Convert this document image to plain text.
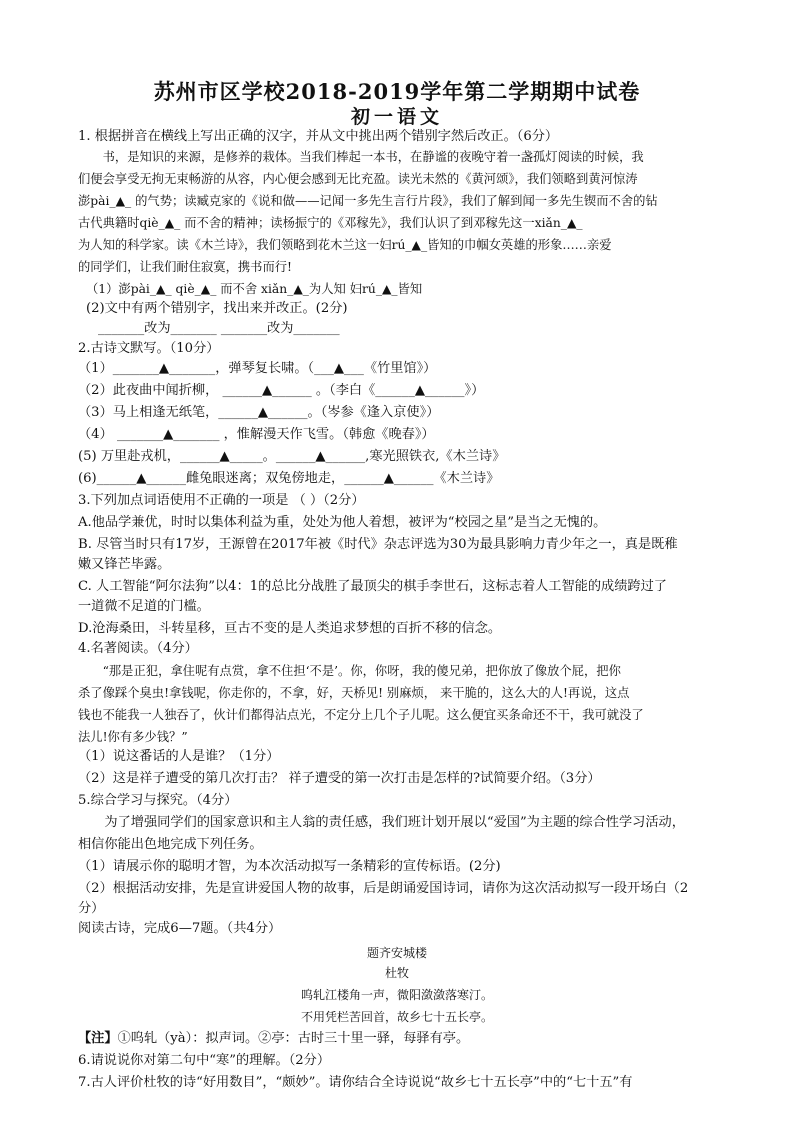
苏州市区学校2018-2019学年第二学期期中试卷
初一语文
1. 根据拼音在横线上写出正确的汉字，并从文中挑出两个错别字然后改正。（6分）
书，是知识的来源，是修养的栽体。当我们棒起一本书，在静谧的夜晚守着一盏孤灯阅读的时候，我
们便会享受无拘无束畅游的从容，内心便会感到无比充盈。读光未然的《黄河颂》，我们领略到黄河惊涛
澎pài_▲_ 的气势；读臧克家的《说和做——记闻一多先生言行片段》，我们了解到闻一多先生锲而不舍的钻
古代典籍时qiè_▲_ 而不舍的精神；读杨振宁的《邓稼先》，我们认识了到邓稼先这一xiǎn_▲_
为人知的科学家。读《木兰诗》，我们领略到花木兰这一妇rú_▲_皆知的巾帼女英雄的形象……亲爱
的同学们，让我们耐住寂寞，携书而行!
（1）澎pài_▲_ qiè_▲_ 而不舍 xiǎn_▲_为人知 妇rú_▲_皆知
(2)文中有两个错别字，找出来并改正。(2分)
_______改为_______ _______改为_______
2.古诗文默写。（10分）
（1）_______▲_______，弹琴复长啸。（___▲___《竹里馆》）
（2）此夜曲中闻折柳， ______▲______ 。（李白《______▲______》）
（3）马上相逢无纸笔，______▲______。（岑参《逢入京使》）
（4） _______▲_______ ，惟解漫天作飞雪。（韩愈《晚春》）
(5) 万里赴戎机，______▲_____。______▲______,寒光照铁衣,《木兰诗》
(6)______▲______雌兔眼迷离；双兔傍地走，______▲______《木兰诗》
3.下列加点词语使用不正确的一项是 （ ）（2分）
A.他品学兼优，时时以集体利益为重，处处为他人着想，被评为“校园之星”是当之无愧的。
B. 尽管当时只有17岁，王源曾在2017年被《时代》杂志评选为30为最具影响力青少年之一，真是既稚
嫩又锋芒毕露。
C. 人工智能“阿尔法狗”以4：1的总比分战胜了最顶尖的棋手李世石，这标志着人工智能的成绩跨过了
一道微不足道的门槛。
D.沧海桑田，斗转星移，亘古不变的是人类追求梦想的百折不移的信念。
4.名著阅读。（4分）
“那是正犯，拿住呢有点赏，拿不住担‘不是’。你，你呀，我的傻兄弟，把你放了像放个屁，把你
杀了像踩个臭虫!拿钱呢，你走你的，不拿，好，天桥见! 别麻烦， 来干脆的，这么大的人!再说，这点
钱也不能我一人独吞了，伙计们都得沾点光，不定分上几个子儿呢。这么便宜买条命还不干，我可就没了
法儿!你有多少钱？”
（1）说这番话的人是谁？（1分）
（2）这是祥子遭受的第几次打击？ 祥子遭受的第一次打击是怎样的?试简要介绍。（3分）
5.综合学习与探究。（4分）
为了增强同学们的国家意识和主人翁的责任感，我们班计划开展以“爱国”为主题的综合性学习活动，
相信你能出色地完成下列任务。
（1）请展示你的聪明才智，为本次活动拟写一条精彩的宣传标语。(2分)
（2）根据活动安排，先是宣讲爱国人物的故事，后是朗诵爱国诗词，请你为这次活动拟写一段开场白（2
分）
阅读古诗，完成6—7题。（共4分）
题齐安城楼
杜牧
呜轧江楼角一声，微阳潋潋落寒汀。
不用凭栏苦回首，故乡七十五长亭。
【注】①呜轧（yà）：拟声词。②亭：古时三十里一驿，每驿有亭。
6.请说说你对第二句中“寒”的理解。（2分）
7.古人评价杜牧的诗“好用数目”，“颇妙”。请你结合全诗说说“故乡七十五长亭”中的“七十五”有
